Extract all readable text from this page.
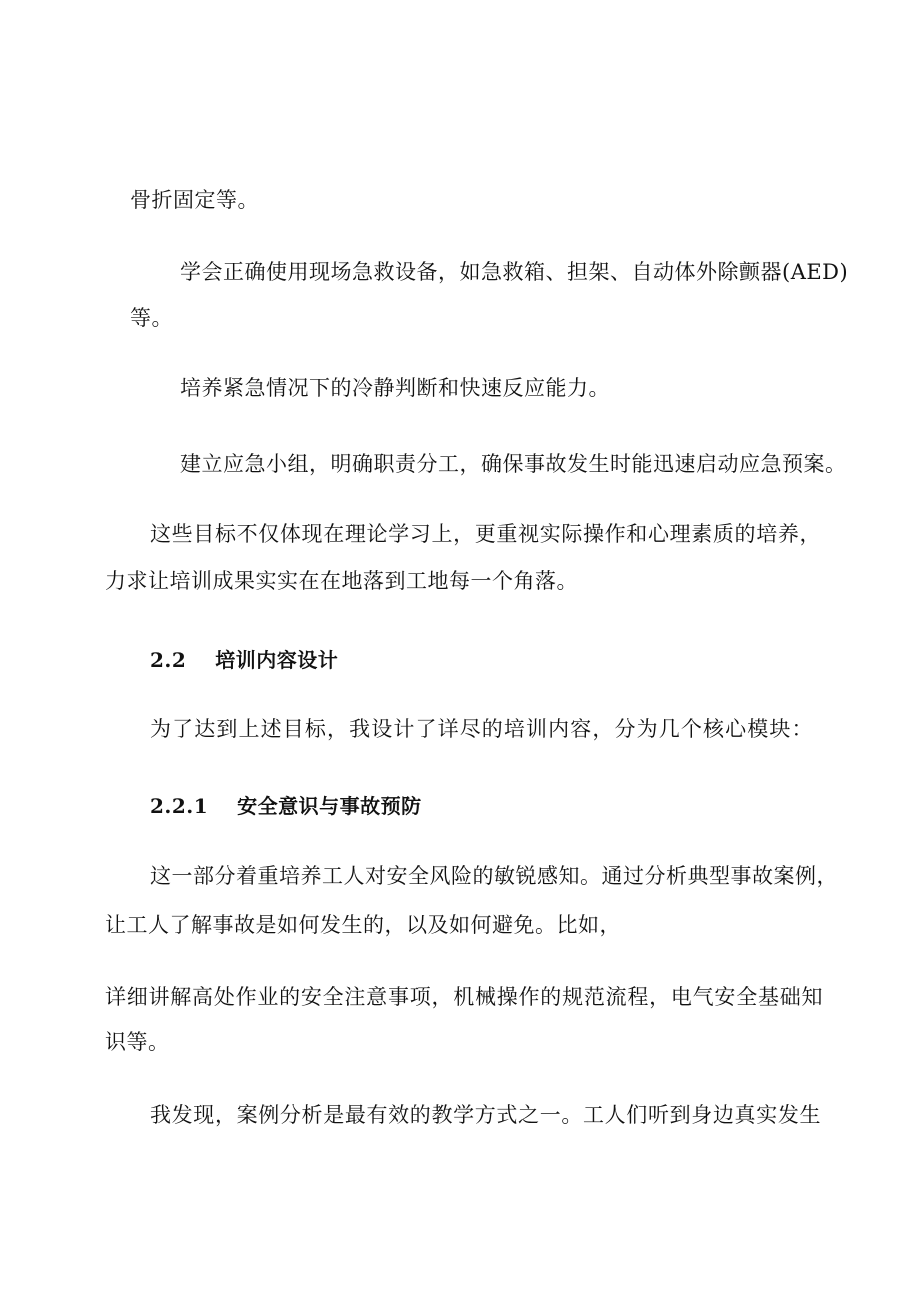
骨折固定等。
学会正确使用现场急救设备，如急救箱、担架、自动体外除颤器(AED)
等。
培养紧急情况下的冷静判断和快速反应能力。
建立应急小组，明确职责分工，确保事故发生时能迅速启动应急预案。
这些目标不仅体现在理论学习上，更重视实际操作和心理素质的培养，
力求让培训成果实实在在地落到工地每一个角落。
2.2 培训内容设计
为了达到上述目标，我设计了详尽的培训内容，分为几个核心模块：
2.2.1 安全意识与事故预防
这一部分着重培养工人对安全风险的敏锐感知。通过分析典型事故案例，
让工人了解事故是如何发生的，以及如何避免。比如，
详细讲解高处作业的安全注意事项，机械操作的规范流程，电气安全基础知
识等。
我发现，案例分析是最有效的教学方式之一。工人们听到身边真实发生
